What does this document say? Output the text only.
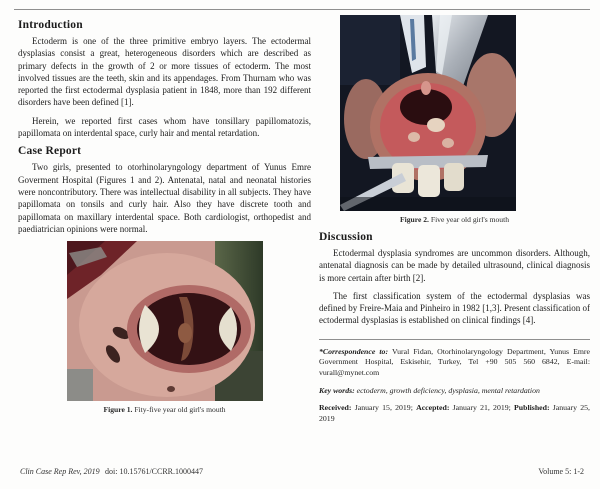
Introduction

Ectoderm is one of the three primitive embryo layers. The ectodermal dysplasias consist a great, heterogeneous disorders which are described as primary defects in the growth of 2 or more tissues of ectoderm. The most involved tissues are the teeth, skin and its appendages. From Thurnam who was reported the first ectodermal dysplasia patient in 1848, more than 192 different disorders have been defined [1].

Herein, we reported first cases whom have tonsillary papillomatozis, papillomata on interdental space, curly hair and mental retardation.

Case Report

Two girls, presented to otorhinolaryngology department of Yunus Emre Goverment Hospital (Figures 1 and 2). Antenatal, natal and neonatal histories were noncontributory. There was intellectual disability in all subjects. They have papillomata on tonsils and curly hair. Also they have discrete tooth and papillomata on maxillary interdental space. Both cardiologist, orthopedist and paediatrician opinions were normal.

Figure 1. Fity-five year old girl's mouth
Figure 2. Five year old girl's mouth
Discussion

Ectodermal dysplasia syndromes are uncommon disorders. Although, antenatal diagnosis can be made by detailed ultrasound, clinical diagnosis is more certain after birth [2].

The first classification system of the ectodermal dysplasias was defined by Freire-Maia and Pinheiro in 1982 [1,3]. Present classification of ectodermal dysplasias is established on clinical findings [4].

*Correspondence to: Vural Fidan, Otorhinolaryngology Department, Yunus Emre Government Hospital, Eskisehir, Turkey, Tel +90 505 560 6842, E-mail: vurall@mynet.com

Key words: ectoderm, growth deficiency, dysplasia, mental retardation

Received: January 15, 2019; Accepted: January 21, 2019; Published: January 25, 2019

Clin Case Rep Rev, 2019 doi: 10.15761/CCRR.1000447	Volume 5: 1-2
